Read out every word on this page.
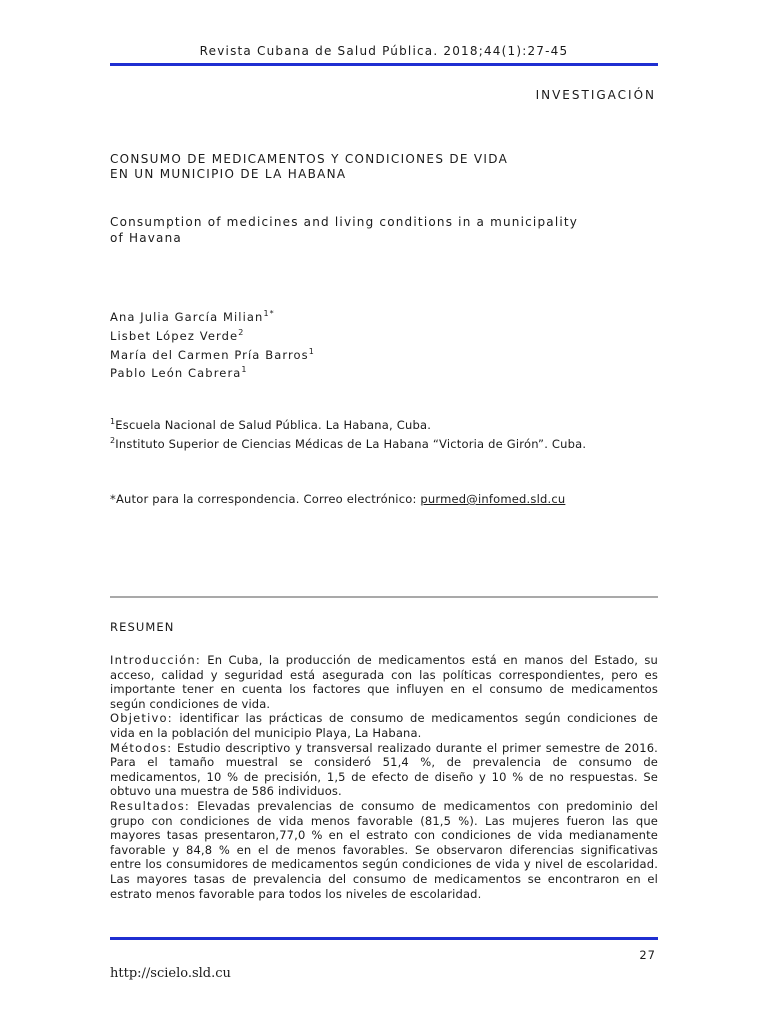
Revista Cubana de Salud Pública. 2018;44(1):27-45
INVESTIGACIÓN
CONSUMO DE MEDICAMENTOS Y CONDICIONES DE VIDA
EN UN MUNICIPIO DE LA HABANA
Consumption of medicines and living conditions in a municipality
of Havana
Ana Julia García Milian$^{1*}$
Lisbet López Verde$^2$
María del Carmen Pría Barros$^1$
Pablo León Cabrera$^1$
$^1$Escuela Nacional de Salud Pública. La Habana, Cuba.
$^2$Instituto Superior de Ciencias Médicas de La Habana “Victoria de Girón”. Cuba.
*Autor para la correspondencia. Correo electrónico: purmed@infomed.sld.cu
RESUMEN

Introducción: En Cuba, la producción de medicamentos está en manos del Estado, su acceso, calidad y seguridad está asegurada con las políticas correspondientes, pero es importante tener en cuenta los factores que influyen en el consumo de medicamentos según condiciones de vida.

Objetivo: identificar las prácticas de consumo de medicamentos según condiciones de vida en la población del municipio Playa, La Habana.

Métodos: Estudio descriptivo y transversal realizado durante el primer semestre de 2016. Para el tamaño muestral se consideró 51,4 %, de prevalencia de consumo de medicamentos, 10 % de precisión, 1,5 de efecto de diseño y 10 % de no respuestas. Se obtuvo una muestra de 586 individuos.

Resultados: Elevadas prevalencias de consumo de medicamentos con predominio del grupo con condiciones de vida menos favorable (81,5 %). Las mujeres fueron las que mayores tasas presentaron,77,0 % en el estrato con condiciones de vida medianamente favorable y 84,8 % en el de menos favorables. Se observaron diferencias significativas entre los consumidores de medicamentos según condiciones de vida y nivel de escolaridad. Las mayores tasas de prevalencia del consumo de medicamentos se encontraron en el estrato menos favorable para todos los niveles de escolaridad.

27
http://scielo.sld.cu
